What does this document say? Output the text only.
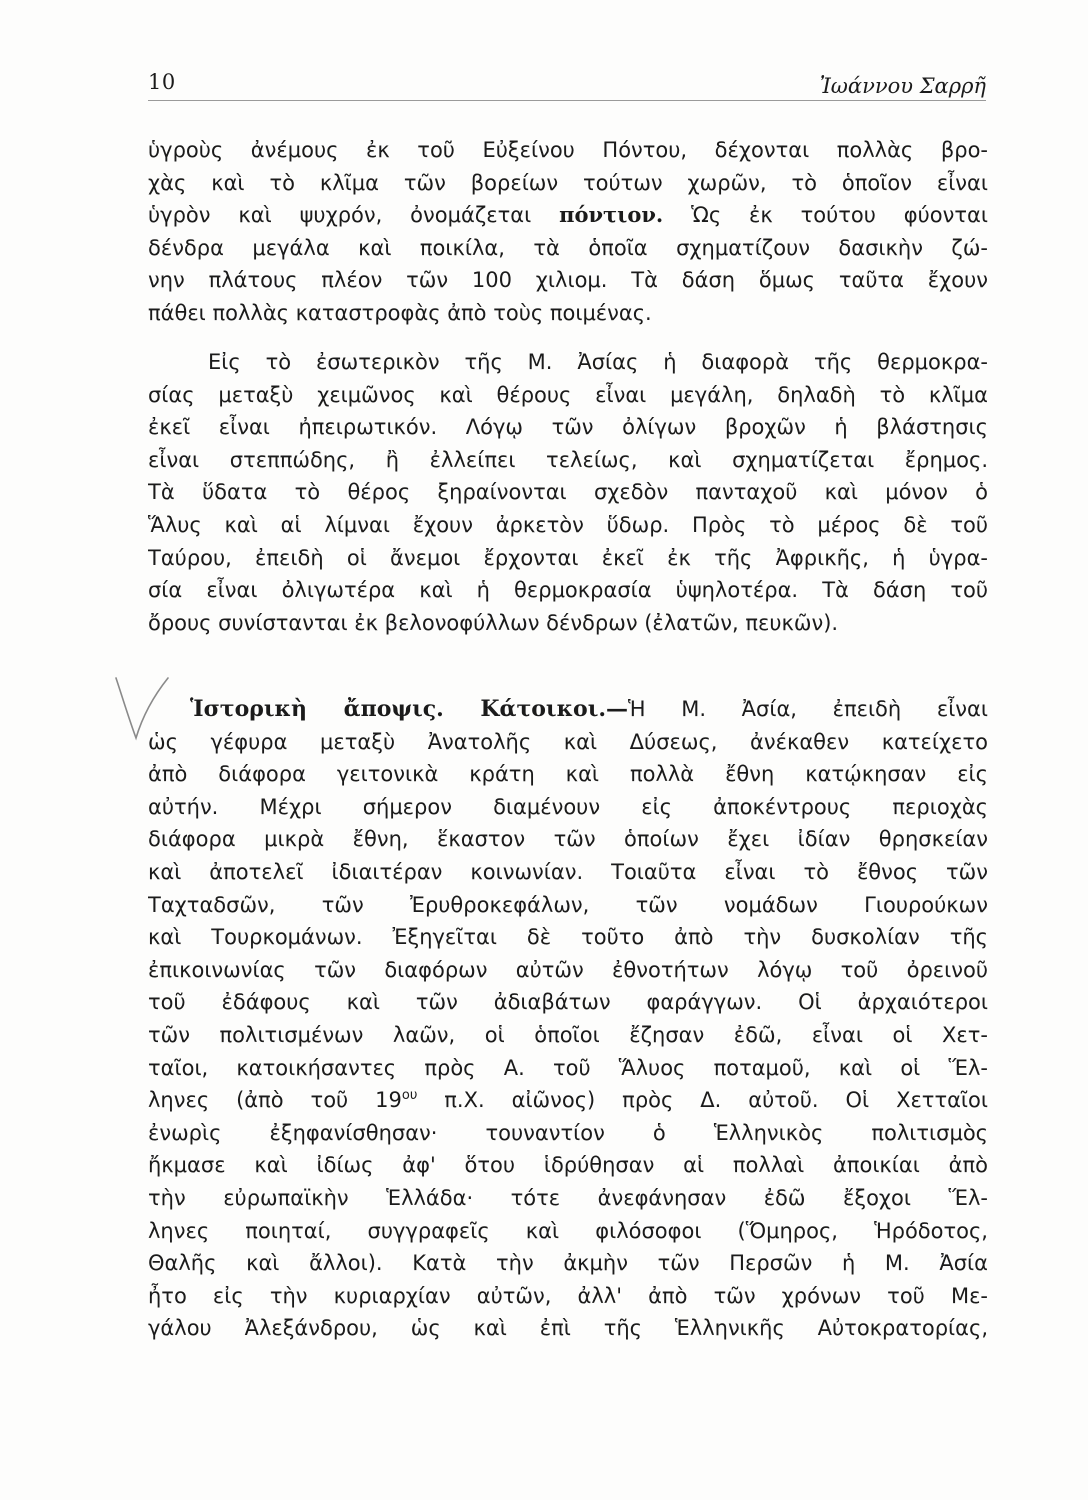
10	Ἰωάννου Σαρρῆ
ὑγροὺς ἀνέμους ἐκ τοῦ Εὐξείνου Πόντου, δέχονται πολλὰς βρο-
χὰς καὶ τὸ κλῖμα τῶν βορείων τούτων χωρῶν, τὸ ὁποῖον εἶναι
ὑγρὸν καὶ ψυχρόν, ὀνομάζεται πόντιον. Ὡς ἐκ τούτου φύονται
δένδρα μεγάλα καὶ ποικίλα, τὰ ὁποῖα σχηματίζουν δασικὴν ζώ-
νην πλάτους πλέον τῶν 100 χιλιομ. Τὰ δάση ὅμως ταῦτα ἔχουν
πάθει πολλὰς καταστροφὰς ἀπὸ τοὺς ποιμένας.
Εἰς τὸ ἐσωτερικὸν τῆς Μ. Ἀσίας ἡ διαφορὰ τῆς θερμοκρα-
σίας μεταξὺ χειμῶνος καὶ θέρους εἶναι μεγάλη, δηλαδὴ τὸ κλῖμα
ἐκεῖ εἶναι ἠπειρωτικόν. Λόγῳ τῶν ὀλίγων βροχῶν ἡ βλάστησις
εἶναι στεππώδης, ἢ ἐλλείπει τελείως, καὶ σχηματίζεται ἔρημος.
Τὰ ὕδατα τὸ θέρος ξηραίνονται σχεδὸν πανταχοῦ καὶ μόνον ὁ
Ἅλυς καὶ αἱ λίμναι ἔχουν ἀρκετὸν ὕδωρ. Πρὸς τὸ μέρος δὲ τοῦ
Ταύρου, ἐπειδὴ οἱ ἄνεμοι ἔρχονται ἐκεῖ ἐκ τῆς Ἀφρικῆς, ἡ ὑγρα-
σία εἶναι ὀλιγωτέρα καὶ ἡ θερμοκρασία ὑψηλοτέρα. Τὰ δάση τοῦ
ὄρους συνίστανται ἐκ βελονοφύλλων δένδρων (ἐλατῶν, πευκῶν).
Ἱστορικὴ ἄποψις. Κάτοικοι.—Ἡ Μ. Ἀσία, ἐπειδὴ εἶναι
ὡς γέφυρα μεταξὺ Ἀνατολῆς καὶ Δύσεως, ἀνέκαθεν κατείχετο
ἀπὸ διάφορα γειτονικὰ κράτη καὶ πολλὰ ἔθνη κατῴκησαν εἰς
αὐτήν. Μέχρι σήμερον διαμένουν εἰς ἀποκέντρους περιοχὰς
διάφορα μικρὰ ἔθνη, ἕκαστον τῶν ὁποίων ἔχει ἰδίαν θρησκείαν
καὶ ἀποτελεῖ ἰδιαιτέραν κοινωνίαν. Τοιαῦτα εἶναι τὸ ἔθνος τῶν
Ταχταδσῶν, τῶν Ἐρυθροκεφάλων, τῶν νομάδων Γιουρούκων
καὶ Τουρκομάνων. Ἐξηγεῖται δὲ τοῦτο ἀπὸ τὴν δυσκολίαν τῆς
ἐπικοινωνίας τῶν διαφόρων αὐτῶν ἐθνοτήτων λόγῳ τοῦ ὀρεινοῦ
τοῦ ἐδάφους καὶ τῶν ἀδιαβάτων φαράγγων. Οἱ ἀρχαιότεροι
τῶν πολιτισμένων λαῶν, οἱ ὁποῖοι ἔζησαν ἐδῶ, εἶναι οἱ Χετ-
ταῖοι, κατοικήσαντες πρὸς Α. τοῦ Ἅλυος ποταμοῦ, καὶ οἱ Ἕλ-
ληνες (ἀπὸ τοῦ $19^{o\upsilon}$ π.Χ. αἰῶνος) πρὸς Δ. αὐτοῦ. Οἱ Χετταῖοι
ἐνωρὶς ἐξηφανίσθησαν· τουναντίον ὁ Ἑλληνικὸς πολιτισμὸς
ἤκμασε καὶ ἰδίως ἀφ' ὅτου ἱδρύθησαν αἱ πολλαὶ ἀποικίαι ἀπὸ
τὴν εὐρωπαϊκὴν Ἑλλάδα· τότε ἀνεφάνησαν ἐδῶ ἔξοχοι Ἕλ-
ληνες ποιηταί, συγγραφεῖς καὶ φιλόσοφοι (Ὅμηρος, Ἡρόδοτος,
Θαλῆς καὶ ἄλλοι). Κατὰ τὴν ἀκμὴν τῶν Περσῶν ἡ Μ. Ἀσία
ἦτο εἰς τὴν κυριαρχίαν αὐτῶν, ἀλλ' ἀπὸ τῶν χρόνων τοῦ Με-
γάλου Ἀλεξάνδρου, ὡς καὶ ἐπὶ τῆς Ἑλληνικῆς Αὐτοκρατορίας,
